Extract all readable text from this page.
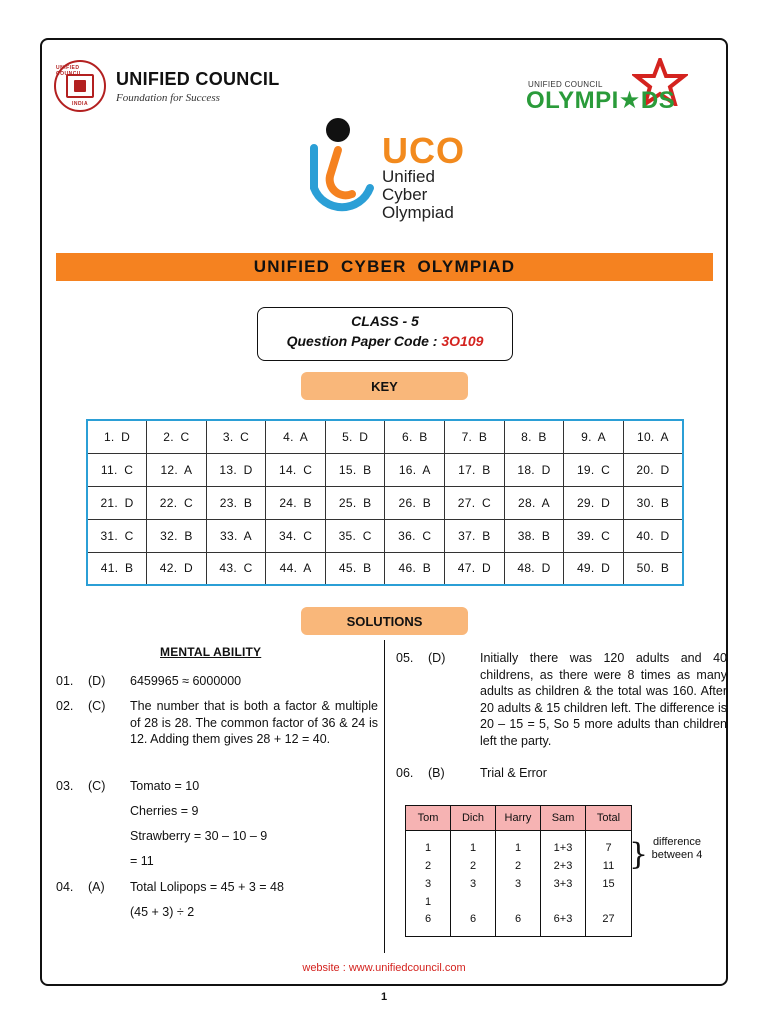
UNIFIED COUNCIL
INDIA
UNIFIED COUNCIL
Foundation for Success
UNIFIED COUNCIL
OLYMPI★DS
UCO
Unified
Cyber
Olympiad
UNIFIED CYBER OLYMPIAD
CLASS - 5
Question Paper Code : 3O109
KEY
1. D	2. C	3. C	4. A	5. D	6. B	7. B	8. B	9. A	10. A
11. C	12. A	13. D	14. C	15. B	16. A	17. B	18. D	19. C	20. D
21. D	22. C	23. B	24. B	25. B	26. B	27. C	28. A	29. D	30. B
31. C	32. B	33. A	34. C	35. C	36. C	37. B	38. B	39. C	40. D
41. B	42. D	43. C	44. A	45. B	46. B	47. D	48. D	49. D	50. B
SOLUTIONS
MENTAL ABILITY
01. (D) 6459965 ≈ 6000000
02. (C) The number that is both a factor & multiple of 28 is 28. The common factor of 36 & 24 is 12. Adding them gives 28 + 12 = 40.
03. (C) Tomato = 10
Cherries = 9
Strawberry = 30 – 10 – 9
= 11
04. (A) Total Lolipops = 45 + 3 = 48
(45 + 3) ÷ 2
05. (D)	Initially there was 120 adults and 40 childrens, as there were 8 times as many adults as children & the total was 160. After 20 adults & 15 children left. The difference is 20 – 15 = 5, So 5 more adults than children left the party.
06. (B)	Trial & Error
Tom	Dich	Harry	Sam	Total
1	1	1	1+3	7
2	2	2	2+3	11
3	3	3	3+3	15
1				
6	6	6	6+3	27
} difference between 4
website : www.unifiedcouncil.com
1
